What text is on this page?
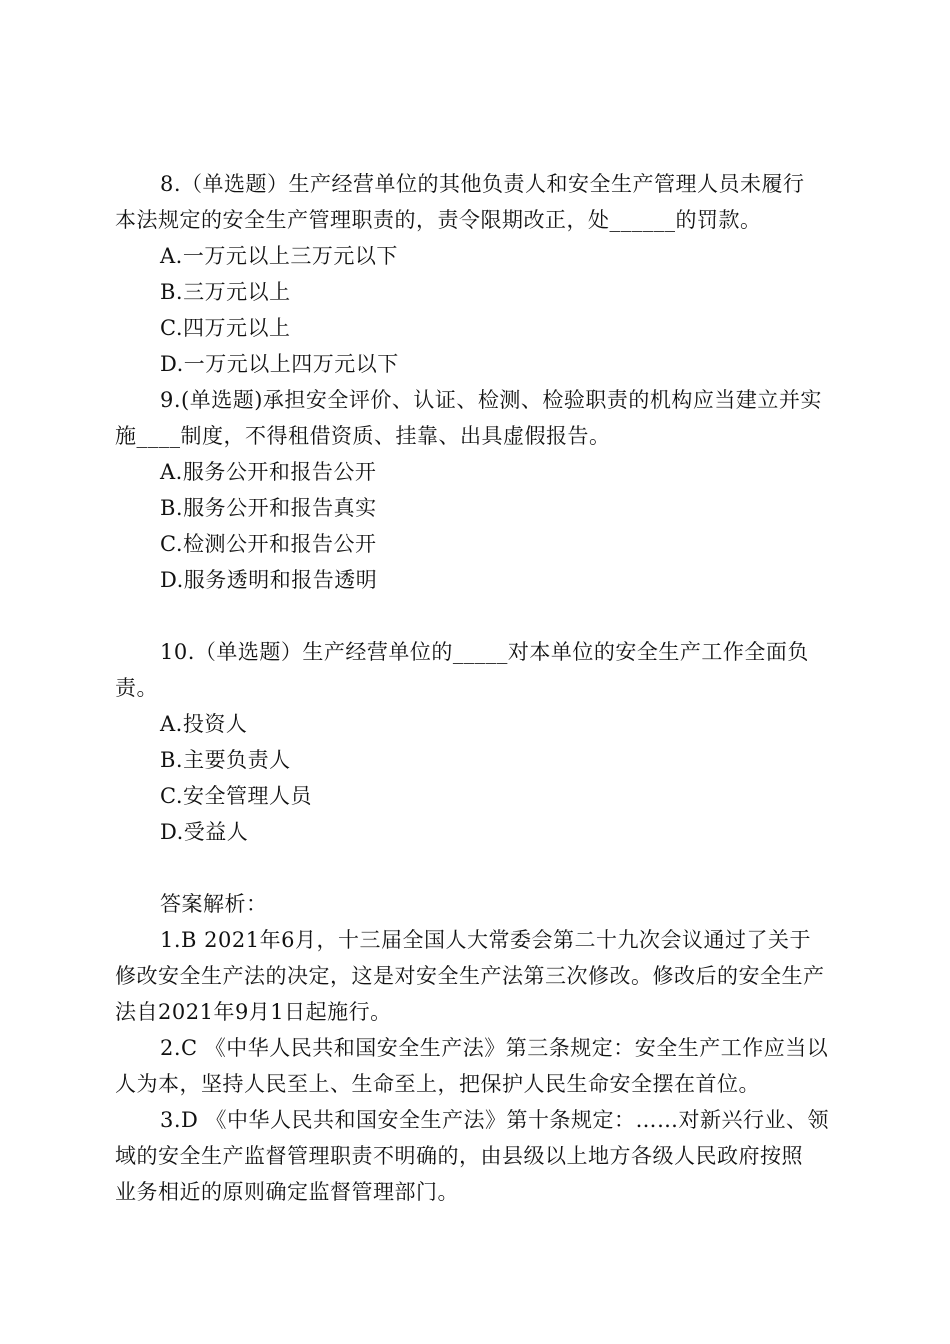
8.（单选题）生产经营单位的其他负责人和安全生产管理人员未履行
本法规定的安全生产管理职责的，责令限期改正，处______的罚款。
A.一万元以上三万元以下
B.三万元以上
C.四万元以上
D.一万元以上四万元以下
9.(单选题)承担安全评价、认证、检测、检验职责的机构应当建立并实
施____制度，不得租借资质、挂靠、出具虚假报告。
A.服务公开和报告公开
B.服务公开和报告真实
C.检测公开和报告公开
D.服务透明和报告透明
10.（单选题）生产经营单位的_____对本单位的安全生产工作全面负
责。
A.投资人
B.主要负责人
C.安全管理人员
D.受益人
答案解析：
1.B 2021年6月，十三届全国人大常委会第二十九次会议通过了关于
修改安全生产法的决定，这是对安全生产法第三次修改。修改后的安全生产
法自2021年9月1日起施行。
2.C 《中华人民共和国安全生产法》第三条规定：安全生产工作应当以
人为本，坚持人民至上、生命至上，把保护人民生命安全摆在首位。
3.D 《中华人民共和国安全生产法》第十条规定：……对新兴行业、领
域的安全生产监督管理职责不明确的，由县级以上地方各级人民政府按照
业务相近的原则确定监督管理部门。
